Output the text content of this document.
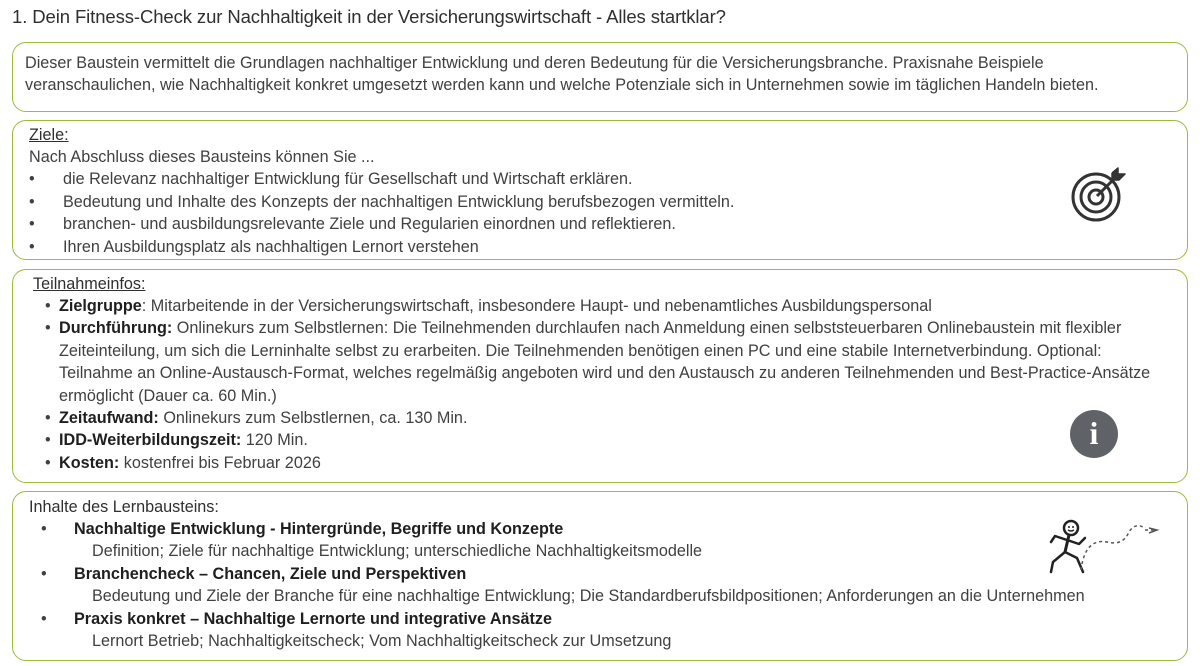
1. Dein Fitness-Check zur Nachhaltigkeit in der Versicherungswirtschaft - Alles startklar?
Dieser Baustein vermittelt die Grundlagen nachhaltiger Entwicklung und deren Bedeutung für die Versicherungsbranche. Praxisnahe Beispiele
veranschaulichen, wie Nachhaltigkeit konkret umgesetzt werden kann und welche Potenziale sich in Unternehmen sowie im täglichen Handeln bieten.
Ziele:
Nach Abschluss dieses Bausteins können Sie ...
• die Relevanz nachhaltiger Entwicklung für Gesellschaft und Wirtschaft erklären.
• Bedeutung und Inhalte des Konzepts der nachhaltigen Entwicklung berufsbezogen vermitteln.
• branchen- und ausbildungsrelevante Ziele und Regularien einordnen und reflektieren.
• Ihren Ausbildungsplatz als nachhaltigen Lernort verstehen
Teilnahmeinfos:
• Zielgruppe: Mitarbeitende in der Versicherungswirtschaft, insbesondere Haupt- und nebenamtliches Ausbildungspersonal
• Durchführung: Onlinekurs zum Selbstlernen: Die Teilnehmenden durchlaufen nach Anmeldung einen selbststeuerbaren Onlinebaustein mit flexibler
Zeiteinteilung, um sich die Lerninhalte selbst zu erarbeiten. Die Teilnehmenden benötigen einen PC und eine stabile Internetverbindung. Optional:
Teilnahme an Online-Austausch-Format, welches regelmäßig angeboten wird und den Austausch zu anderen Teilnehmenden und Best-Practice-Ansätze
ermöglicht (Dauer ca. 60 Min.)
• Zeitaufwand: Onlinekurs zum Selbstlernen, ca. 130 Min.
• IDD-Weiterbildungszeit: 120 Min.
• Kosten: kostenfrei bis Februar 2026
Inhalte des Lernbausteins:
• Nachhaltige Entwicklung - Hintergründe, Begriffe und Konzepte
Definition; Ziele für nachhaltige Entwicklung; unterschiedliche Nachhaltigkeitsmodelle
• Branchencheck – Chancen, Ziele und Perspektiven
Bedeutung und Ziele der Branche für eine nachhaltige Entwicklung; Die Standardberufsbildpositionen; Anforderungen an die Unternehmen
• Praxis konkret – Nachhaltige Lernorte und integrative Ansätze
Lernort Betrieb; Nachhaltigkeitscheck; Vom Nachhaltigkeitscheck zur Umsetzung
i
